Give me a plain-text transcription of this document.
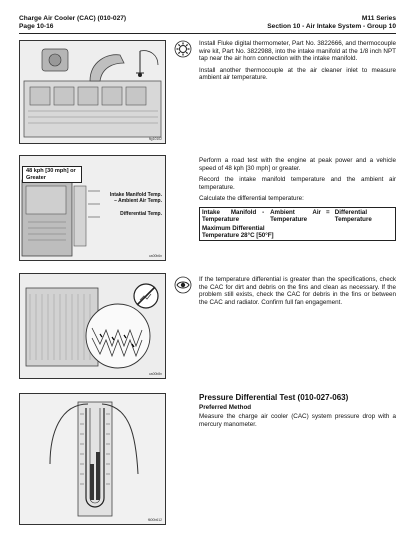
Charge Air Cooler (CAC) (010-027)
Page 10-16
M11 Series
Section 10 - Air Intake System - Group 10
fig10102

Install Fluke digital thermometer, Part No. 3822666, and thermocouple wire kit, Part No. 3822988, into the intake manifold at the 1/8 inch NPT tap near the air horn connection with the intake manifold.

Install another thermocouple at the air cleaner inlet to measure ambient air temperature.

48 kph [30 mph] or Greater
Intake Manifold Temp.
– Ambient Air Temp.
Differential Temp.
ca00b6n

Perform a road test with the engine at peak power and a vehicle speed of 48 kph [30 mph] or greater.

Record the intake manifold temperature and the ambient air temperature.

Calculate the differential temperature:

Intake Manifold Temperature	-	Ambient Air Temperature	=	Differential Temperature

Maximum Differential
Temperature 28°C [50°F]
ca00b8n

If the temperature differential is greater than the specifications, check the CAC for dirt and debris on the fins and clean as necessary. If the problem still exists, check the CAC for debris in the fins or between the CAC and radiator. Confirm full fan engagement.

f600b612
Pressure Differential Test (010-027-063)
Preferred Method

Measure the charge air cooler (CAC) system pressure drop with a mercury manometer.
